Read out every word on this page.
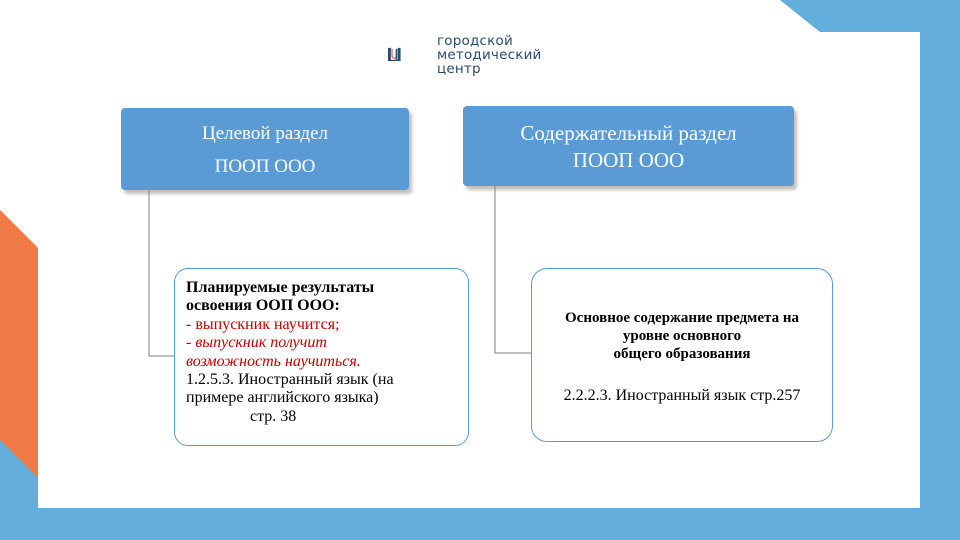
городской
методический
центр
Целевой раздел
ПООП ООО
Содержательный раздел
ПООП ООО
Планируемые результаты
освоения ООП ООО:
- выпускник научится;
- выпускник получит
возможность научиться.
1.2.5.3. Иностранный язык (на
примере английского языка)
стр. 38
Основное содержание предмета на
уровне основного
общего образования
2.2.2.3. Иностранный язык стр.257
